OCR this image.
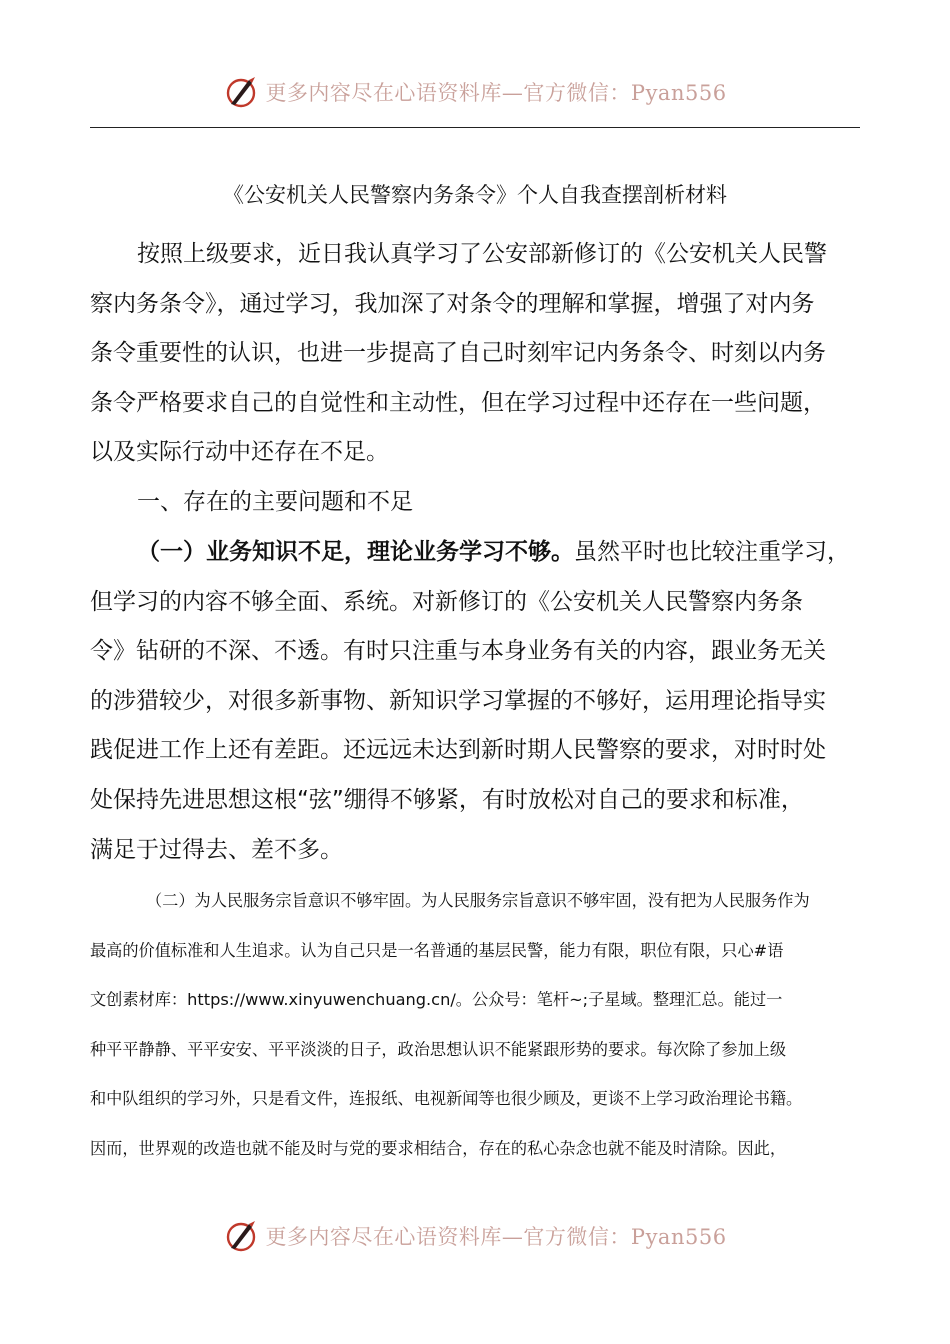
更多内容尽在心语资料库—官方微信：Pyan556
《公安机关人民警察内务条令》个人自我查摆剖析材料
按照上级要求，近日我认真学习了公安部新修订的《公安机关人民警
察内务条令》，通过学习，我加深了对条令的理解和掌握，增强了对内务
条令重要性的认识，也进一步提高了自己时刻牢记内务条令、时刻以内务
条令严格要求自己的自觉性和主动性，但在学习过程中还存在一些问题，
以及实际行动中还存在不足。
一、存在的主要问题和不足
（一）业务知识不足，理论业务学习不够。虽然平时也比较注重学习，
但学习的内容不够全面、系统。对新修订的《公安机关人民警察内务条
令》钻研的不深、不透。有时只注重与本身业务有关的内容，跟业务无关
的涉猎较少，对很多新事物、新知识学习掌握的不够好，运用理论指导实
践促进工作上还有差距。还远远未达到新时期人民警察的要求，对时时处
处保持先进思想这根“弦”绷得不够紧，有时放松对自己的要求和标准，
满足于过得去、差不多。
（二）为人民服务宗旨意识不够牢固。为人民服务宗旨意识不够牢固，没有把为人民服务作为
最高的价值标准和人生追求。认为自己只是一名普通的基层民警，能力有限，职位有限，只心#语
文创素材库：https://www.xinyuwenchuang.cn/。公众号：笔杆~;子星域。整理汇总。能过一
种平平静静、平平安安、平平淡淡的日子，政治思想认识不能紧跟形势的要求。每次除了参加上级
和中队组织的学习外，只是看文件，连报纸、电视新闻等也很少顾及，更谈不上学习政治理论书籍。
因而，世界观的改造也就不能及时与党的要求相结合，存在的私心杂念也就不能及时清除。因此，
更多内容尽在心语资料库—官方微信：Pyan556
